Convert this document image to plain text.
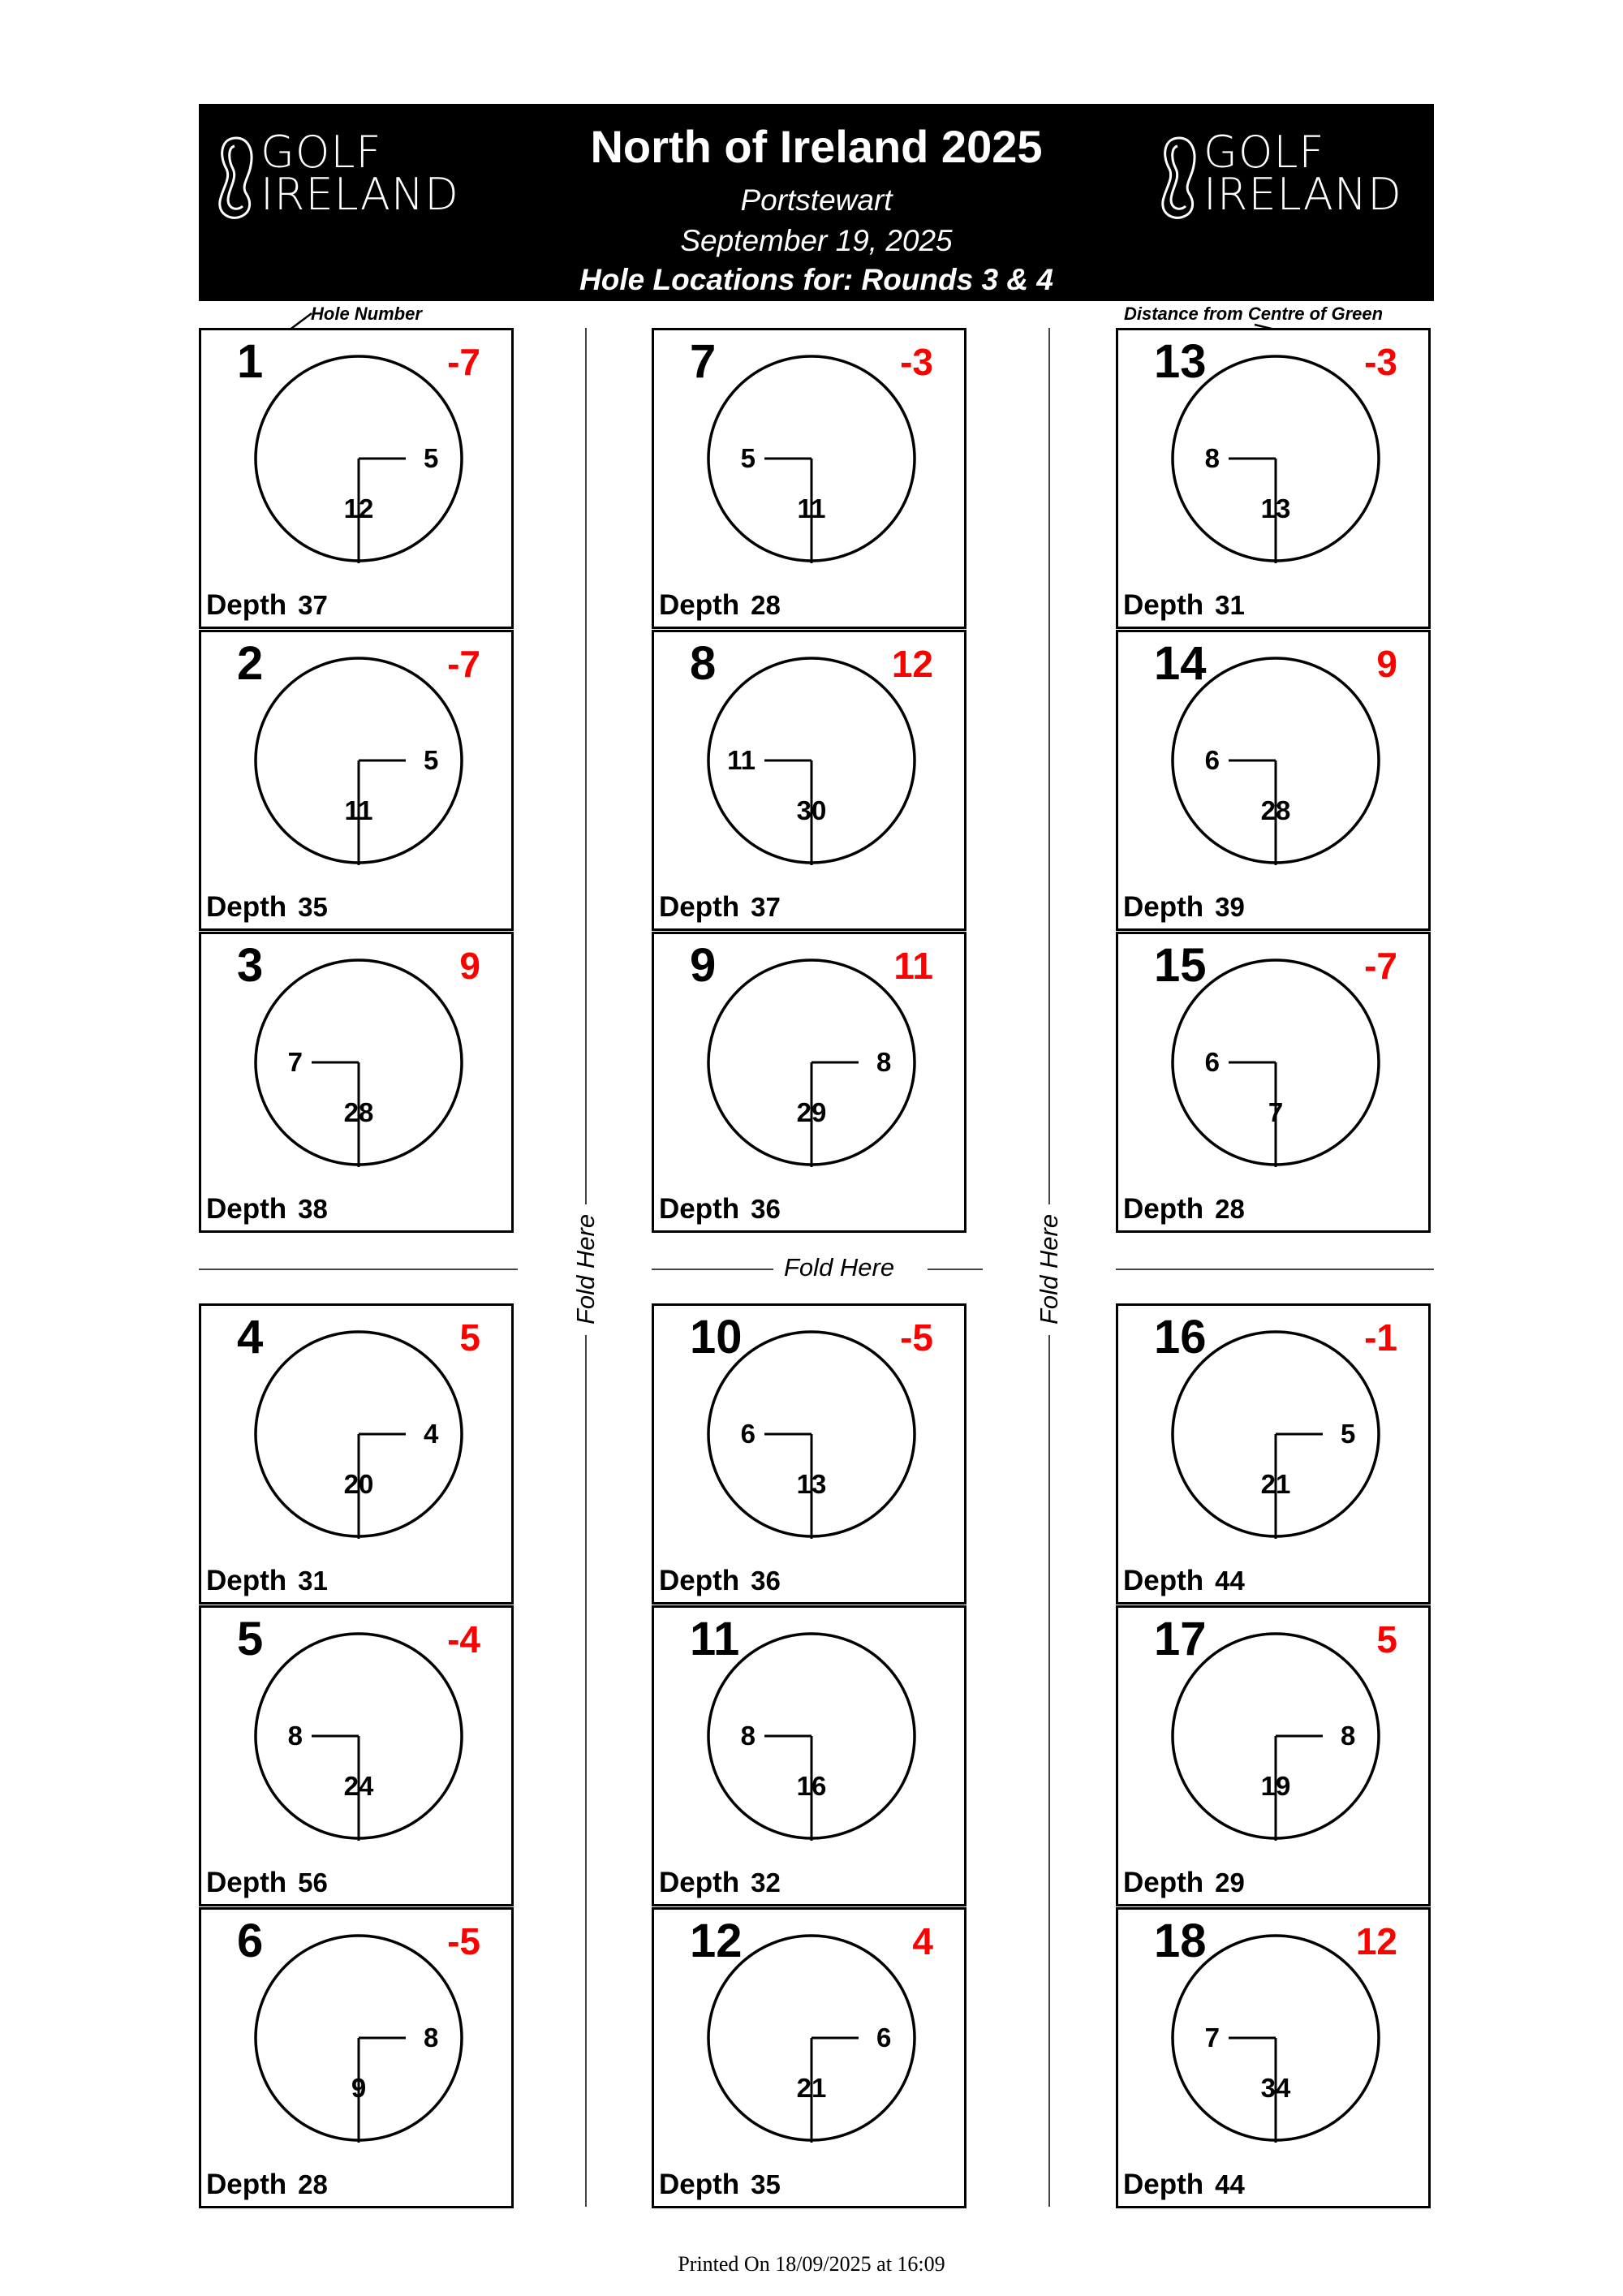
GOLF
IRELAND
North of Ireland 2025
Portstewart
September 19, 2025
Hole Locations for: Rounds 3 & 4
GOLF
IRELAND
Hole Number	Distance from Centre of Green
Fold Here
Fold Here	Fold Here
1	-7
5
12
Depth 37
2	-7
5
11
Depth 35
3	9
7
28
Depth 38
4	5
4
20
Depth 31
5	-4
8
24
Depth 56
6	-5
8
9
Depth 28
7	-3
5
11
Depth 28
8	12
11
30
Depth 37
9	11
8
29
Depth 36
10	-5
6
13
Depth 36
11
8
16
Depth 32
12	4
6
21
Depth 35
13	-3
8
13
Depth 31
14	9
6
28
Depth 39
15	-7
6
7
Depth 28
16	-1
5
21
Depth 44
17	5
8
19
Depth 29
18	12
7
34
Depth 44
Printed On 18/09/2025 at 16:09
